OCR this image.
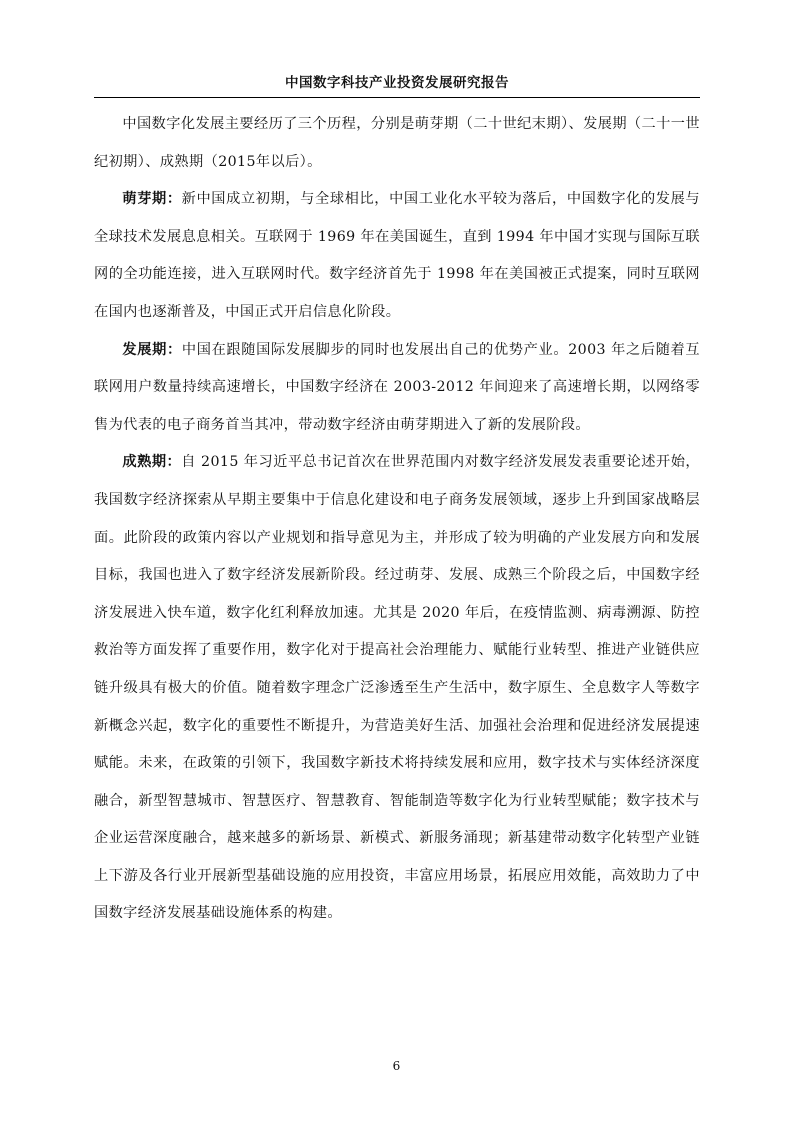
中国数字科技产业投资发展研究报告

中国数字化发展主要经历了三个历程，分别是萌芽期（二十世纪末期）、发展期（二十一世纪初期）、成熟期（2015年以后）。

萌芽期：新中国成立初期，与全球相比，中国工业化水平较为落后，中国数字化的发展与全球技术发展息息相关。互联网于 1969 年在美国诞生，直到 1994 年中国才实现与国际互联网的全功能连接，进入互联网时代。数字经济首先于 1998 年在美国被正式提案，同时互联网在国内也逐渐普及，中国正式开启信息化阶段。

发展期：中国在跟随国际发展脚步的同时也发展出自己的优势产业。2003 年之后随着互联网用户数量持续高速增长，中国数字经济在 2003-2012 年间迎来了高速增长期，以网络零售为代表的电子商务首当其冲，带动数字经济由萌芽期进入了新的发展阶段。

成熟期：自 2015 年习近平总书记首次在世界范围内对数字经济发展发表重要论述开始，我国数字经济探索从早期主要集中于信息化建设和电子商务发展领域，逐步上升到国家战略层面。此阶段的政策内容以产业规划和指导意见为主，并形成了较为明确的产业发展方向和发展目标，我国也进入了数字经济发展新阶段。经过萌芽、发展、成熟三个阶段之后，中国数字经济发展进入快车道，数字化红利释放加速。尤其是 2020 年后，在疫情监测、病毒溯源、防控救治等方面发挥了重要作用，数字化对于提高社会治理能力、赋能行业转型、推进产业链供应链升级具有极大的价值。随着数字理念广泛渗透至生产生活中，数字原生、全息数字人等数字新概念兴起，数字化的重要性不断提升，为营造美好生活、加强社会治理和促进经济发展提速赋能。未来，在政策的引领下，我国数字新技术将持续发展和应用，数字技术与实体经济深度融合，新型智慧城市、智慧医疗、智慧教育、智能制造等数字化为行业转型赋能；数字技术与企业运营深度融合，越来越多的新场景、新模式、新服务涌现；新基建带动数字化转型产业链上下游及各行业开展新型基础设施的应用投资，丰富应用场景，拓展应用效能，高效助力了中国数字经济发展基础设施体系的构建。

6
